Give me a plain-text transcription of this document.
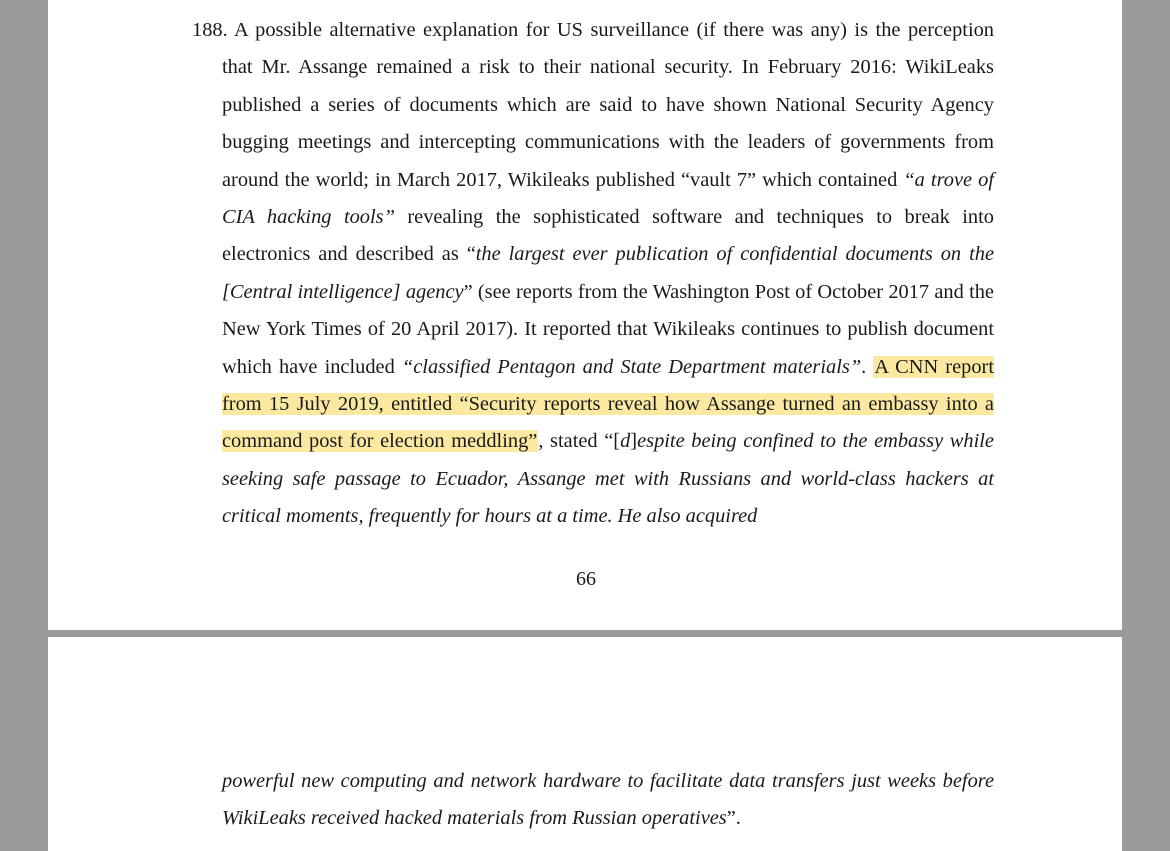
188. A possible alternative explanation for US surveillance (if there was any) is the perception that Mr. Assange remained a risk to their national security. In February 2016: WikiLeaks published a series of documents which are said to have shown National Security Agency bugging meetings and intercepting communications with the leaders of governments from around the world; in March 2017, Wikileaks published “vault 7” which contained “a trove of CIA hacking tools” revealing the sophisticated software and techniques to break into electronics and described as “the largest ever publication of confidential documents on the [Central intelligence] agency” (see reports from the Washington Post of October 2017 and the New York Times of 20 April 2017). It reported that Wikileaks continues to publish document which have included “classified Pentagon and State Department materials”. A CNN report from 15 July 2019, entitled “Security reports reveal how Assange turned an embassy into a command post for election meddling”, stated “[d]espite being confined to the embassy while seeking safe passage to Ecuador, Assange met with Russians and world-class hackers at critical moments, frequently for hours at a time. He also acquired

66

powerful new computing and network hardware to facilitate data transfers just weeks before WikiLeaks received hacked materials from Russian operatives”.
